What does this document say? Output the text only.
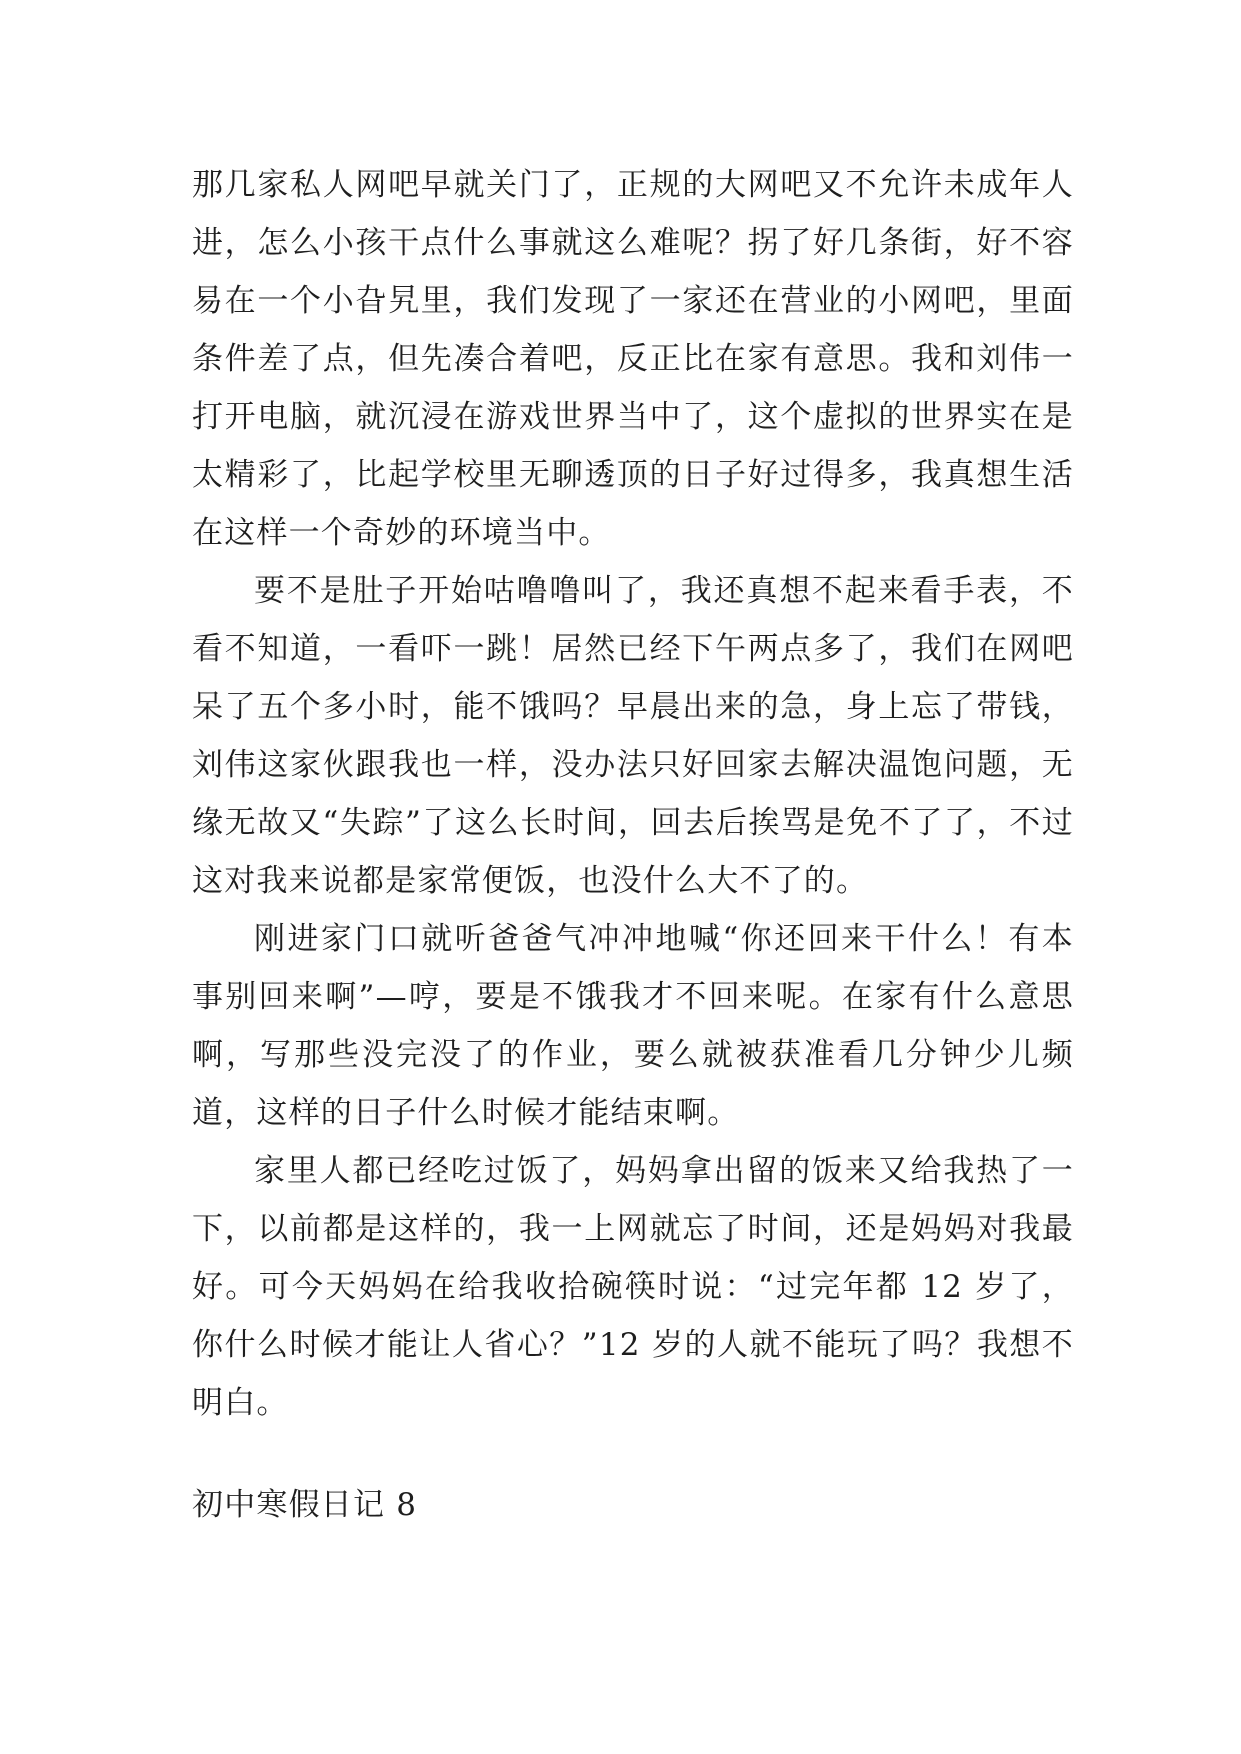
那几家私人网吧早就关门了，正规的大网吧又不允许未成年人进，怎么小孩干点什么事就这么难呢？拐了好几条街，好不容易在一个小旮旯里，我们发现了一家还在营业的小网吧，里面条件差了点，但先凑合着吧，反正比在家有意思。我和刘伟一打开电脑，就沉浸在游戏世界当中了，这个虚拟的世界实在是太精彩了，比起学校里无聊透顶的日子好过得多，我真想生活在这样一个奇妙的环境当中。

要不是肚子开始咕噜噜叫了，我还真想不起来看手表，不看不知道，一看吓一跳！居然已经下午两点多了，我们在网吧呆了五个多小时，能不饿吗？早晨出来的急，身上忘了带钱，刘伟这家伙跟我也一样，没办法只好回家去解决温饱问题，无缘无故又“失踪”了这么长时间，回去后挨骂是免不了了，不过这对我来说都是家常便饭，也没什么大不了的。

刚进家门口就听爸爸气冲冲地喊“你还回来干什么！有本事别回来啊”—哼，要是不饿我才不回来呢。在家有什么意思啊，写那些没完没了的作业，要么就被获准看几分钟少儿频道，这样的日子什么时候才能结束啊。

家里人都已经吃过饭了，妈妈拿出留的饭来又给我热了一下，以前都是这样的，我一上网就忘了时间，还是妈妈对我最好。可今天妈妈在给我收拾碗筷时说：“过完年都 12 岁了，你什么时候才能让人省心？”12 岁的人就不能玩了吗？我想不明白。

初中寒假日记 8
